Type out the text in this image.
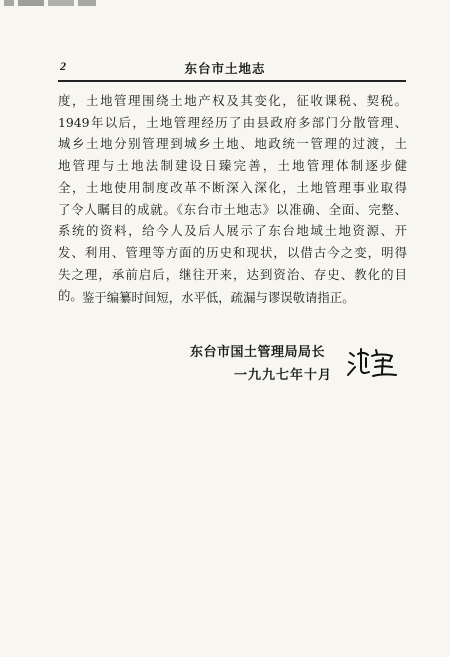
2	东台市土地志
度，土地管理围绕土地产权及其变化，征收课税、契税。
1949年以后，土地管理经历了由县政府多部门分散管理、
城乡土地分别管理到城乡土地、地政统一管理的过渡，土
地管理与土地法制建设日臻完善，土地管理体制逐步健
全，土地使用制度改革不断深入深化，土地管理事业取得
了令人瞩目的成就。《东台市土地志》以准确、全面、完整、
系统的资料，给今人及后人展示了东台地域土地资源、开
发、利用、管理等方面的历史和现状，以借古今之变，明得
失之理，承前启后，继往开来，达到资治、存史、教化的目
的。 鉴于编纂时间短，水平低，疏漏与谬误敬请指正。
东台市国土管理局局长
一九九七年十月
